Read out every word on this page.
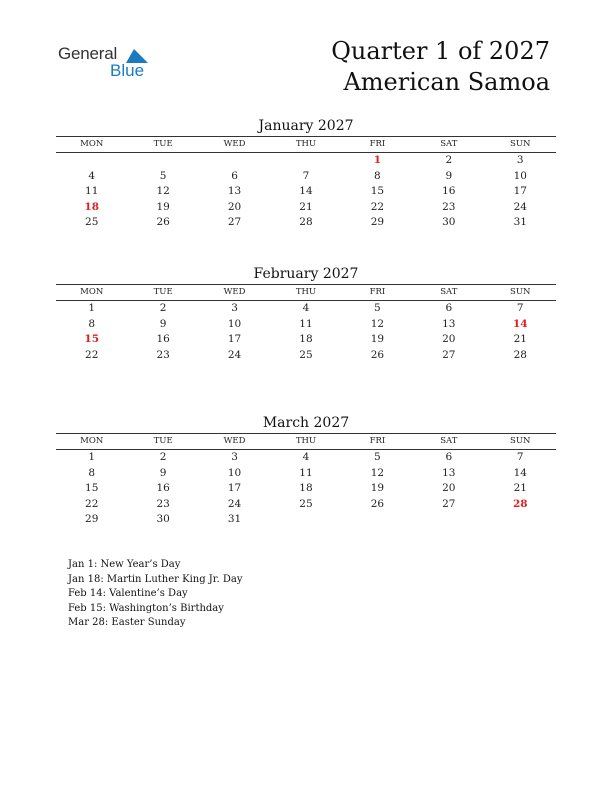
General
Blue
Quarter 1 of 2027
American Samoa
January 2027
MON	TUE	WED	THU	FRI	SAT	SUN
				1	2	3
4	5	6	7	8	9	10
11	12	13	14	15	16	17
18	19	20	21	22	23	24
25	26	27	28	29	30	31
February 2027
MON	TUE	WED	THU	FRI	SAT	SUN
1	2	3	4	5	6	7
8	9	10	11	12	13	14
15	16	17	18	19	20	21
22	23	24	25	26	27	28
March 2027
MON	TUE	WED	THU	FRI	SAT	SUN
1	2	3	4	5	6	7
8	9	10	11	12	13	14
15	16	17	18	19	20	21
22	23	24	25	26	27	28
29	30	31				
Jan 1: New Year’s Day
Jan 18: Martin Luther King Jr. Day
Feb 14: Valentine’s Day
Feb 15: Washington’s Birthday
Mar 28: Easter Sunday
